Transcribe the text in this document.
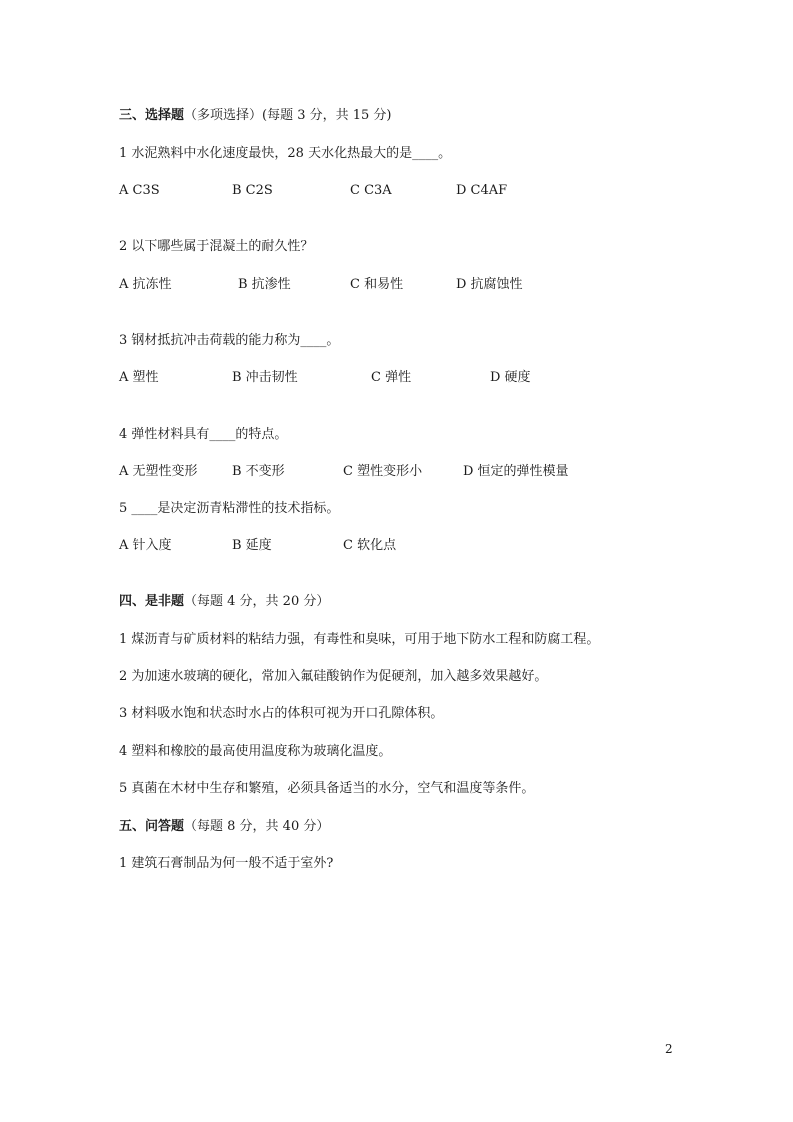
三、选择题（多项选择）(每题 3 分，共 15 分)
1 水泥熟料中水化速度最快，28 天水化热最大的是____。
A C3S	B C2S	C C3A	D C4AF
2 以下哪些属于混凝土的耐久性？
A 抗冻性	B 抗渗性	C 和易性	D 抗腐蚀性
3 钢材抵抗冲击荷载的能力称为____。
A 塑性	B 冲击韧性	C 弹性	D 硬度
4 弹性材料具有____的特点。
A 无塑性变形	B 不变形	C 塑性变形小	D 恒定的弹性模量
5 ____是决定沥青粘滞性的技术指标。
A 针入度	B 延度	C 软化点
四、是非题（每题 4 分，共 20 分）
1 煤沥青与矿质材料的粘结力强，有毒性和臭味，可用于地下防水工程和防腐工程。
2 为加速水玻璃的硬化，常加入氟硅酸钠作为促硬剂，加入越多效果越好。
3 材料吸水饱和状态时水占的体积可视为开口孔隙体积。
4 塑料和橡胶的最高使用温度称为玻璃化温度。
5 真菌在木材中生存和繁殖，必须具备适当的水分，空气和温度等条件。
五、问答题（每题 8 分，共 40 分）
1 建筑石膏制品为何一般不适于室外?
2
